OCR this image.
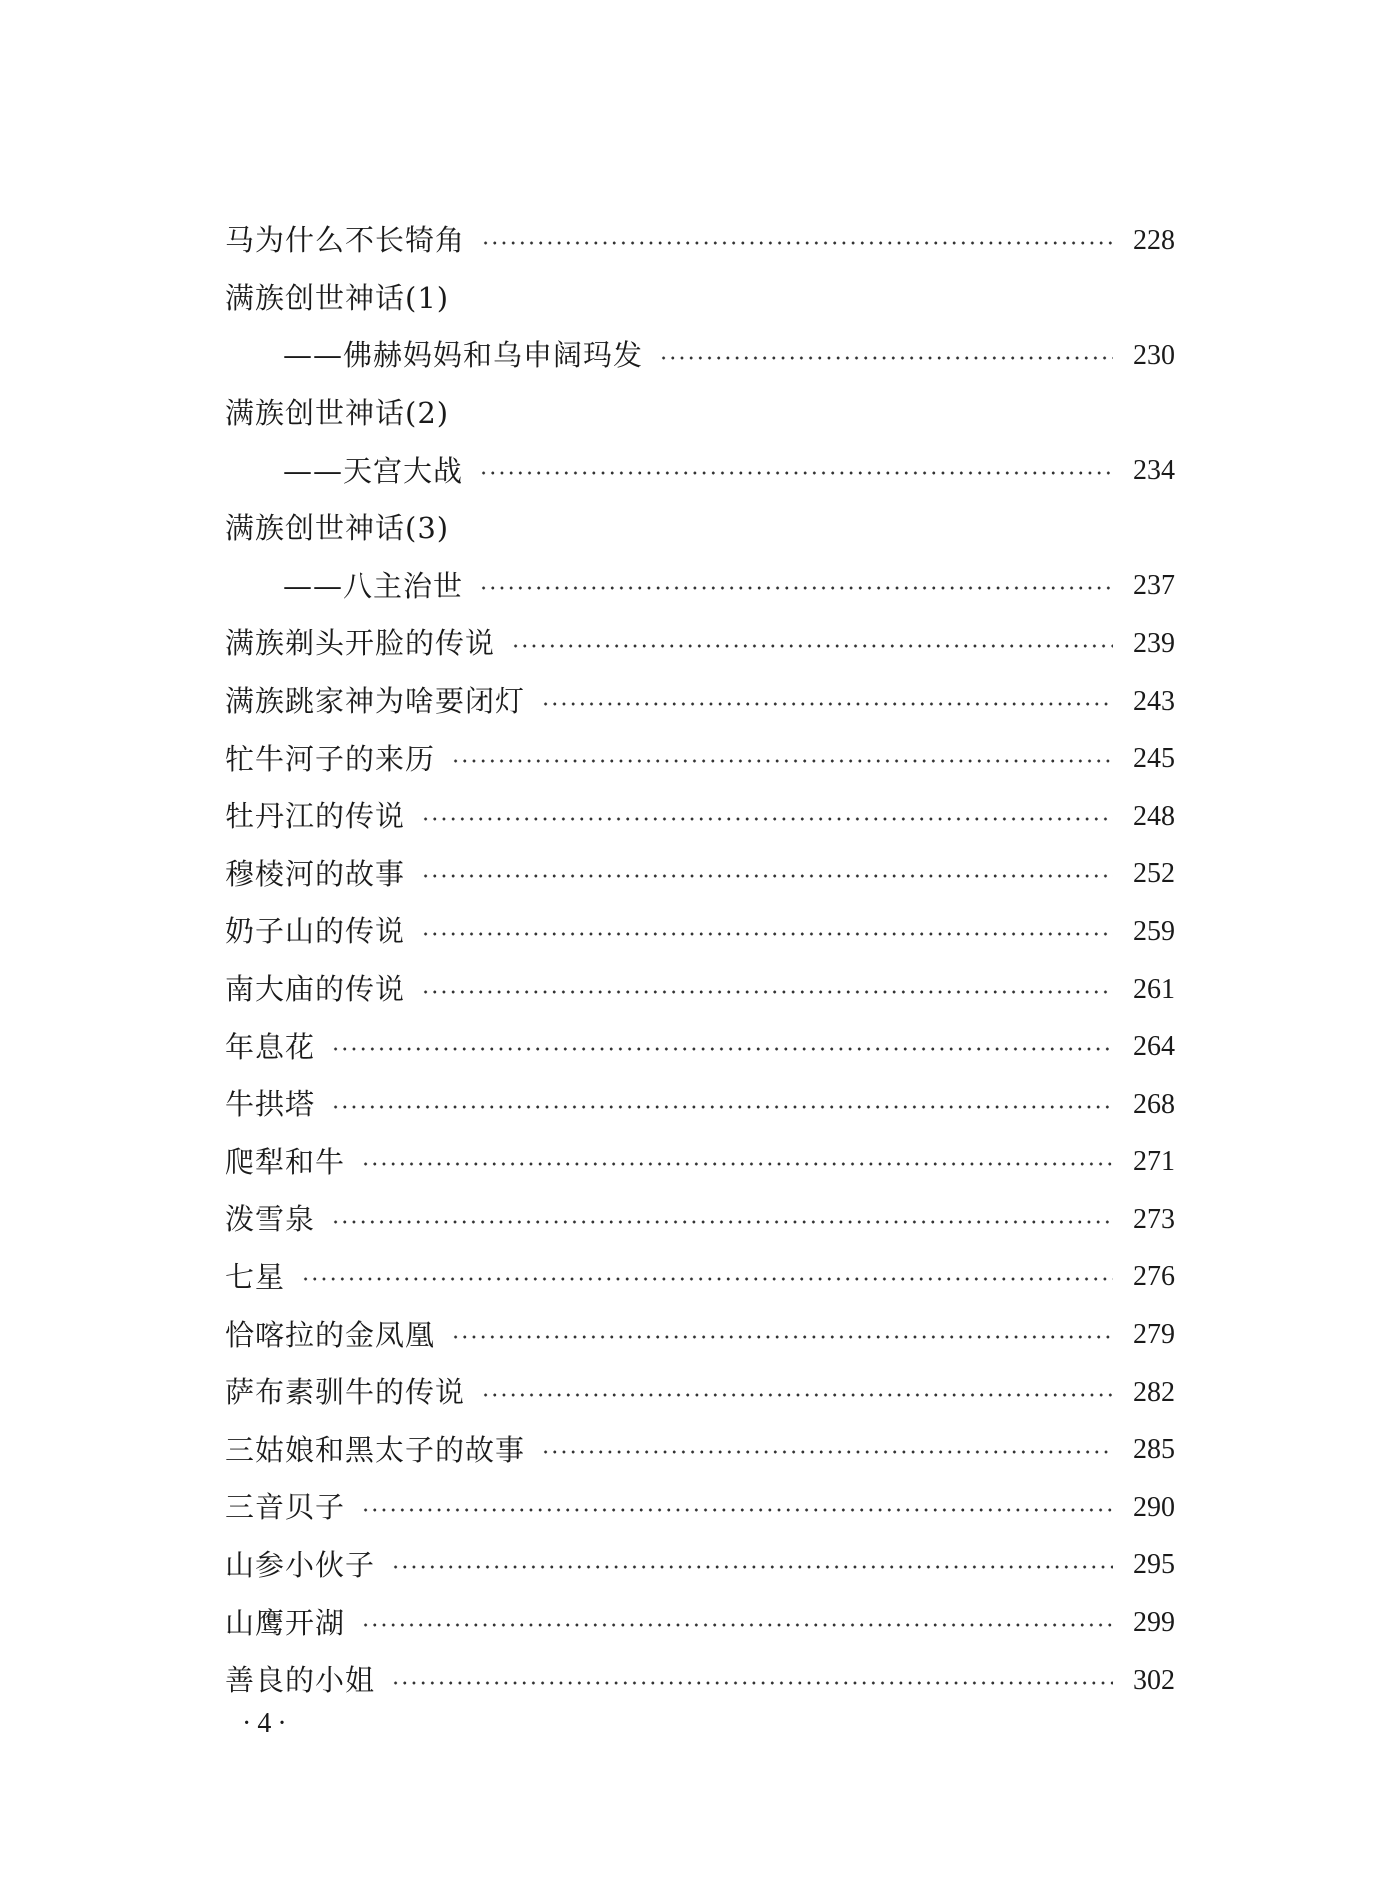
马为什么不长犄角	228
满族创世神话(1)
——佛赫妈妈和乌申阔玛发	230
满族创世神话(2)
——天宫大战	234
满族创世神话(3)
——八主治世	237
满族剃头开脸的传说	239
满族跳家神为啥要闭灯	243
牤牛河子的来历	245
牡丹江的传说	248
穆棱河的故事	252
奶子山的传说	259
南大庙的传说	261
年息花	264
牛拱塔	268
爬犁和牛	271
泼雪泉	273
七星	276
恰喀拉的金凤凰	279
萨布素驯牛的传说	282
三姑娘和黑太子的故事	285
三音贝子	290
山参小伙子	295
山鹰开湖	299
善良的小姐	302
·4·
